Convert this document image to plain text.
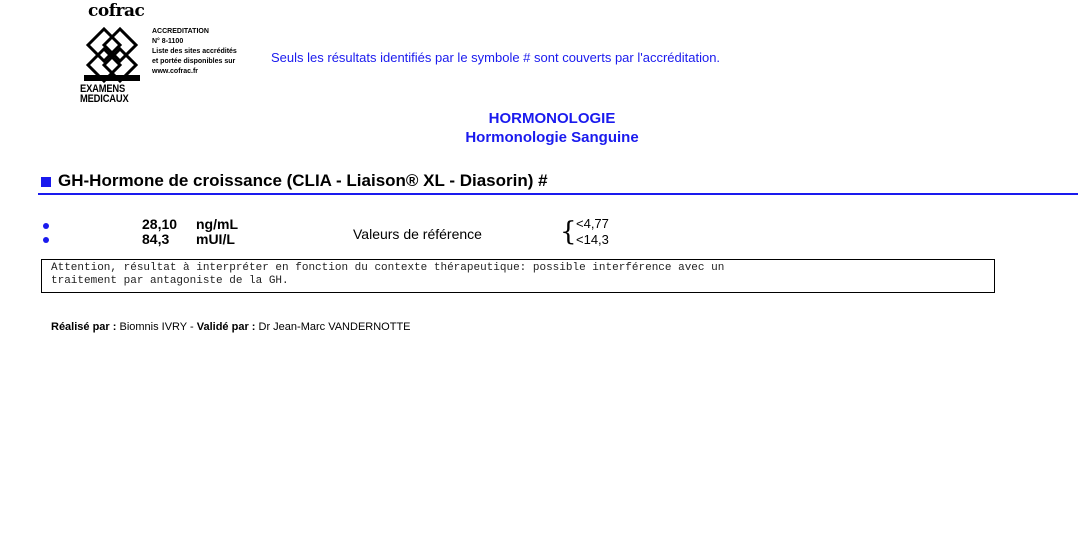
cofrac
EXAMENS
MEDICAUX
ACCREDITATION
N° 8-1100
Liste des sites accrédités
et portée disponibles sur
www.cofrac.fr
Seuls les résultats identifiés par le symbole # sont couverts par l'accréditation.
HORMONOLOGIE
Hormonologie Sanguine
GH-Hormone de croissance (CLIA - Liaison® XL - Diasorin) #
28,10 ng/mL
84,3 mUI/L	Valeurs de référence	{ <4,77
<14,3
Attention, résultat à interpréter en fonction du contexte thérapeutique: possible interférence avec un
traitement par antagoniste de la GH.
Réalisé par : Biomnis IVRY - Validé par : Dr Jean-Marc VANDERNOTTE
